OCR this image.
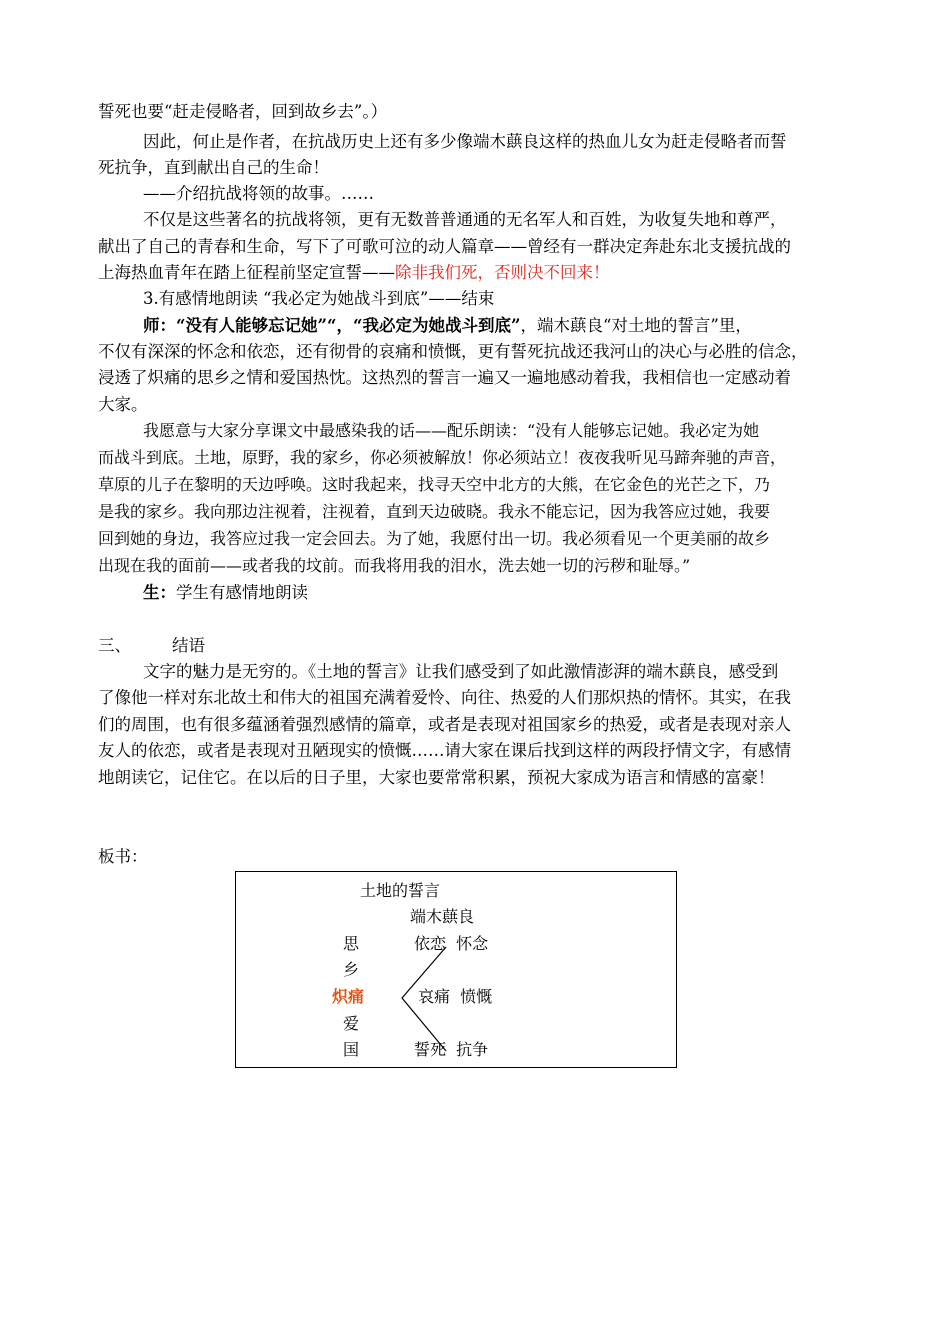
誓死也要“赶走侵略者，回到故乡去”。）
因此，何止是作者，在抗战历史上还有多少像端木蕻良这样的热血儿女为赶走侵略者而誓
死抗争，直到献出自己的生命！
——介绍抗战将领的故事。……
不仅是这些著名的抗战将领，更有无数普普通通的无名军人和百姓，为收复失地和尊严，
献出了自己的青春和生命，写下了可歌可泣的动人篇章——曾经有一群决定奔赴东北支援抗战的
上海热血青年在踏上征程前坚定宣誓——除非我们死，否则决不回来！
3.有感情地朗读 “我必定为她战斗到底”——结束
师：“没有人能够忘记她”“，“我必定为她战斗到底”，端木蕻良“对土地的誓言”里，
不仅有深深的怀念和依恋，还有彻骨的哀痛和愤慨，更有誓死抗战还我河山的决心与必胜的信念，
浸透了炽痛的思乡之情和爱国热忱。这热烈的誓言一遍又一遍地感动着我，我相信也一定感动着
大家。
我愿意与大家分享课文中最感染我的话——配乐朗读：“没有人能够忘记她。我必定为她
而战斗到底。土地，原野，我的家乡，你必须被解放！你必须站立！夜夜我听见马蹄奔驰的声音，
草原的儿子在黎明的天边呼唤。这时我起来，找寻天空中北方的大熊，在它金色的光芒之下，乃
是我的家乡。我向那边注视着，注视着，直到天边破晓。我永不能忘记，因为我答应过她，我要
回到她的身边，我答应过我一定会回去。为了她，我愿付出一切。我必须看见一个更美丽的故乡
出现在我的面前——或者我的坟前。而我将用我的泪水，洗去她一切的污秽和耻辱。”
生：学生有感情地朗读
三、 结语
文字的魅力是无穷的。《土地的誓言》让我们感受到了如此激情澎湃的端木蕻良，感受到
了像他一样对东北故土和伟大的祖国充满着爱怜、向往、热爱的人们那炽热的情怀。其实，在我
们的周围，也有很多蕴涵着强烈感情的篇章，或者是表现对祖国家乡的热爱，或者是表现对亲人
友人的依恋，或者是表现对丑陋现实的愤慨……请大家在课后找到这样的两段抒情文字，有感情
地朗读它，记住它。在以后的日子里，大家也要常常积累，预祝大家成为语言和情感的富豪！
板书：
土地的誓言
端木蕻良
思
乡
炽痛
爱
国
依恋  怀念
哀痛  愤慨
誓死  抗争
